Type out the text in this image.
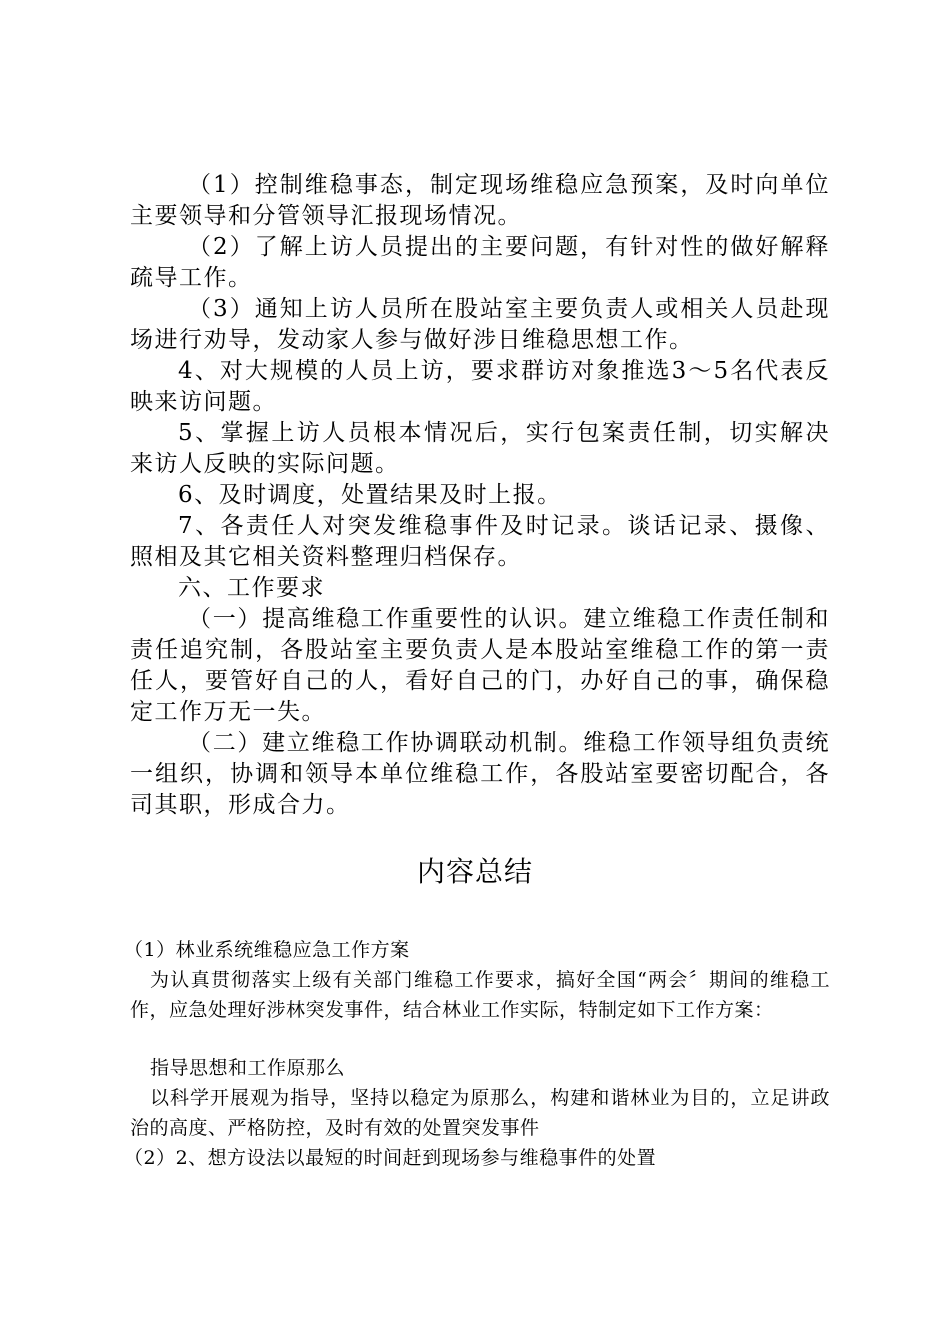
（1）控制维稳事态，制定现场维稳应急预案，及时向单位主要领导和分管领导汇报现场情况。

（2）了解上访人员提出的主要问题，有针对性的做好解释疏导工作。

（3）通知上访人员所在股站室主要负责人或相关人员赴现场进行劝导，发动家人参与做好涉日维稳思想工作。

4、对大规模的人员上访，要求群访对象推选3～5名代表反映来访问题。

5、掌握上访人员根本情况后，实行包案责任制，切实解决来访人反映的实际问题。

6、及时调度，处置结果及时上报。

7、各责任人对突发维稳事件及时记录。谈话记录、摄像、照相及其它相关资料整理归档保存。

六、工作要求

（一）提高维稳工作重要性的认识。建立维稳工作责任制和责任追究制，各股站室主要负责人是本股站室维稳工作的第一责任人，要管好自己的人，看好自己的门，办好自己的事，确保稳定工作万无一失。

（二）建立维稳工作协调联动机制。维稳工作领导组负责统一组织，协调和领导本单位维稳工作，各股站室要密切配合，各司其职，形成合力。

内容总结

（1）林业系统维稳应急工作方案

为认真贯彻落实上级有关部门维稳工作要求，搞好全国“两会〞期间的维稳工作，应急处理好涉林突发事件，结合林业工作实际，特制定如下工作方案：

指导思想和工作原那么

以科学开展观为指导，坚持以稳定为原那么，构建和谐林业为目的，立足讲政治的高度、严格防控，及时有效的处置突发事件

（2）2、想方设法以最短的时间赶到现场参与维稳事件的处置
